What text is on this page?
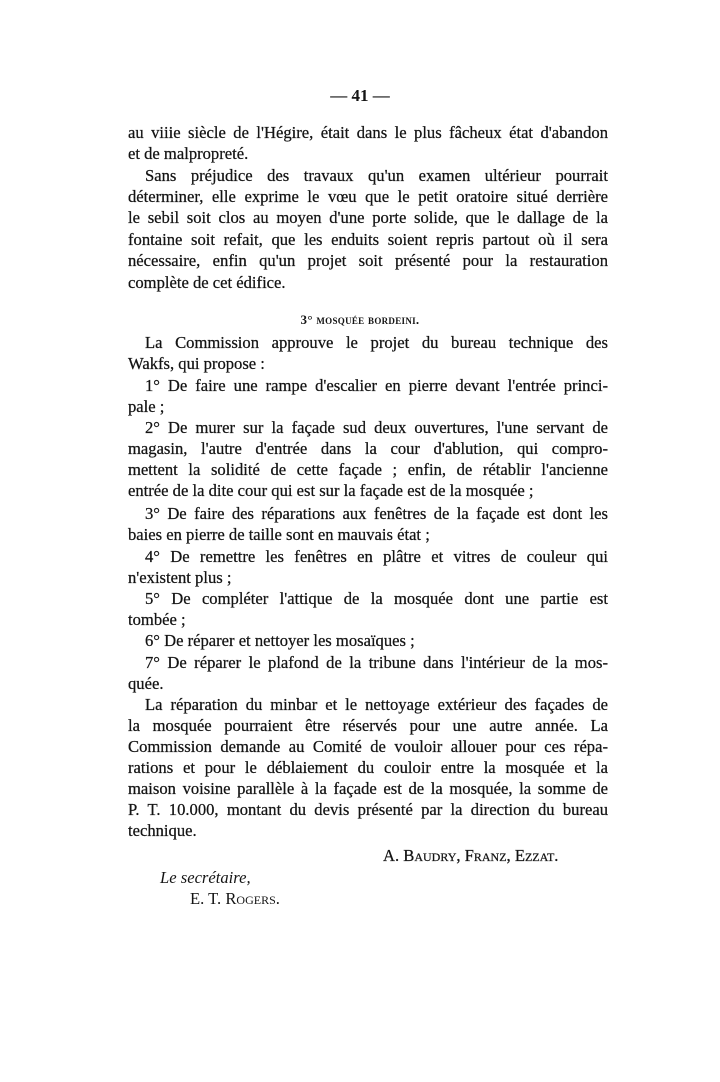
— 41 —
au viiie siècle de l'Hégire, était dans le plus fâcheux état d'abandon
et de malpropreté.
Sans préjudice des travaux qu'un examen ultérieur pourrait
déterminer, elle exprime le vœu que le petit oratoire situé derrière
le sebil soit clos au moyen d'une porte solide, que le dallage de la
fontaine soit refait, que les enduits soient repris partout où il sera
nécessaire, enfin qu'un projet soit présenté pour la restauration
complète de cet édifice.
3° mosquée bordeini.
La Commission approuve le projet du bureau technique des
Wakfs, qui propose :
1° De faire une rampe d'escalier en pierre devant l'entrée princi-
pale ;
2° De murer sur la façade sud deux ouvertures, l'une servant de
magasin, l'autre d'entrée dans la cour d'ablution, qui compro-
mettent la solidité de cette façade ; enfin, de rétablir l'ancienne
entrée de la dite cour qui est sur la façade est de la mosquée ;
3° De faire des réparations aux fenêtres de la façade est dont les
baies en pierre de taille sont en mauvais état ;
4° De remettre les fenêtres en plâtre et vitres de couleur qui
n'existent plus ;
5° De compléter l'attique de la mosquée dont une partie est
tombée ;
6° De réparer et nettoyer les mosaïques ;
7° De réparer le plafond de la tribune dans l'intérieur de la mos-
quée.
La réparation du minbar et le nettoyage extérieur des façades de
la mosquée pourraient être réservés pour une autre année. La
Commission demande au Comité de vouloir allouer pour ces répa-
rations et pour le déblaiement du couloir entre la mosquée et la
maison voisine parallèle à la façade est de la mosquée, la somme de
P. T. 10.000, montant du devis présenté par la direction du bureau
technique.
A. Baudry, Franz, Ezzat.
Le secrétaire,
E. T. Rogers.
